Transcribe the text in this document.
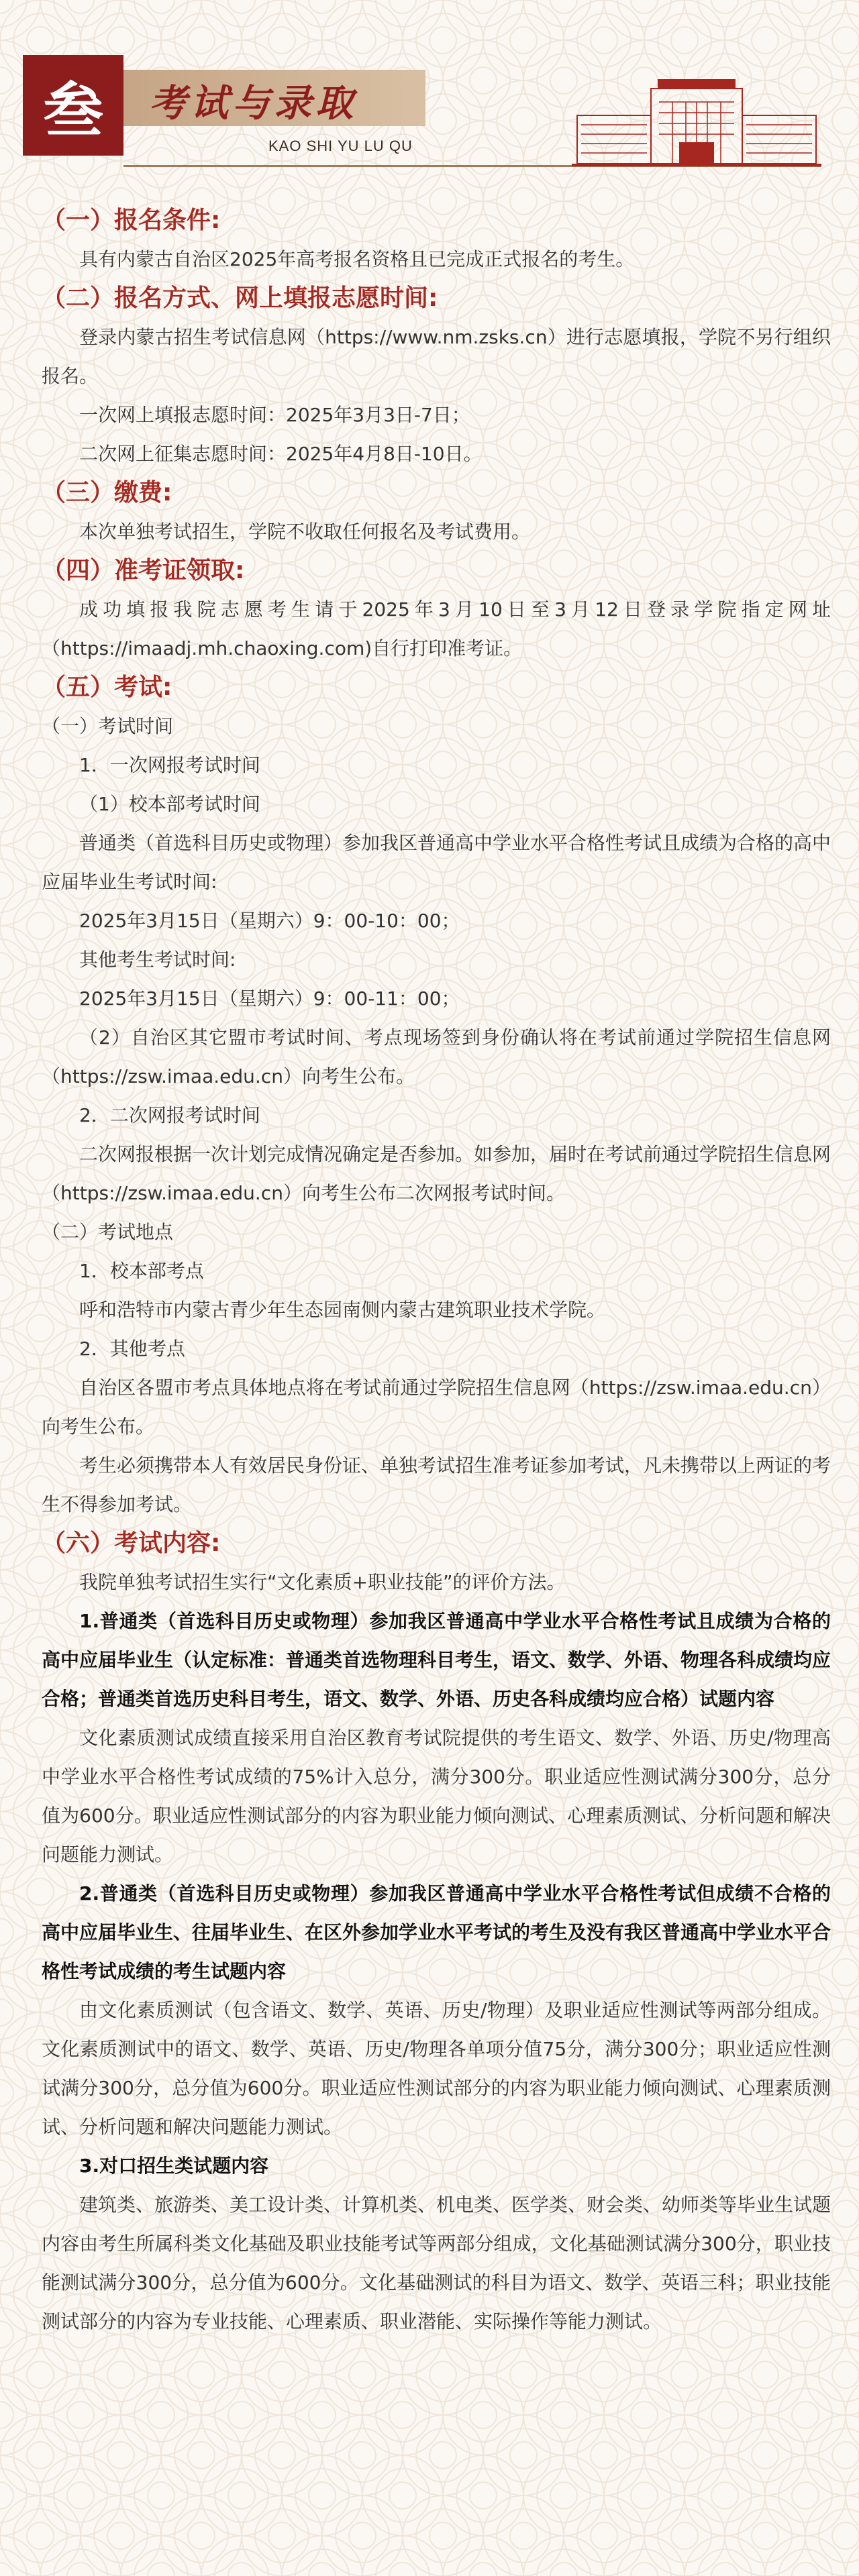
叁	考试与录取
KAO SHI YU LU QU

（一）报名条件:

具有内蒙古自治区2025年高考报名资格且已完成正式报名的考生。

（二）报名方式、网上填报志愿时间:

登录内蒙古招生考试信息网（https://www.nm.zsks.cn）进行志愿填报，学院不另行组织报名。

一次网上填报志愿时间：2025年3月3日-7日；

二次网上征集志愿时间：2025年4月8日-10日。

（三）缴费:

本次单独考试招生，学院不收取任何报名及考试费用。

（四）准考证领取:

成功填报我院志愿考生请于2025年3月10日至3月12日登录学院指定网址（https://imaadj.mh.chaoxing.com)自行打印准考证。

（五）考试:

（一）考试时间

1．一次网报考试时间

（1）校本部考试时间

普通类（首选科目历史或物理）参加我区普通高中学业水平合格性考试且成绩为合格的高中应届毕业生考试时间:

2025年3月15日（星期六）9：00-10：00；

其他考生考试时间:

2025年3月15日（星期六）9：00-11：00；

（2）自治区其它盟市考试时间、考点现场签到身份确认将在考试前通过学院招生信息网（https://zsw.imaa.edu.cn）向考生公布。

2．二次网报考试时间

二次网报根据一次计划完成情况确定是否参加。如参加，届时在考试前通过学院招生信息网（https://zsw.imaa.edu.cn）向考生公布二次网报考试时间。

（二）考试地点

1．校本部考点

呼和浩特市内蒙古青少年生态园南侧内蒙古建筑职业技术学院。

2．其他考点

自治区各盟市考点具体地点将在考试前通过学院招生信息网（https://zsw.imaa.edu.cn）向考生公布。

考生必须携带本人有效居民身份证、单独考试招生准考证参加考试，凡未携带以上两证的考生不得参加考试。

（六）考试内容:

我院单独考试招生实行“文化素质+职业技能”的评价方法。

1.普通类（首选科目历史或物理）参加我区普通高中学业水平合格性考试且成绩为合格的高中应届毕业生（认定标准：普通类首选物理科目考生，语文、数学、外语、物理各科成绩均应合格；普通类首选历史科目考生，语文、数学、外语、历史各科成绩均应合格）试题内容

文化素质测试成绩直接采用自治区教育考试院提供的考生语文、数学、外语、历史/物理高中学业水平合格性考试成绩的75%计入总分，满分300分。职业适应性测试满分300分，总分值为600分。职业适应性测试部分的内容为职业能力倾向测试、心理素质测试、分析问题和解决问题能力测试。

2.普通类（首选科目历史或物理）参加我区普通高中学业水平合格性考试但成绩不合格的高中应届毕业生、往届毕业生、在区外参加学业水平考试的考生及没有我区普通高中学业水平合格性考试成绩的考生试题内容

由文化素质测试（包含语文、数学、英语、历史/物理）及职业适应性测试等两部分组成。文化素质测试中的语文、数学、英语、历史/物理各单项分值75分，满分300分；职业适应性测试满分300分，总分值为600分。职业适应性测试部分的内容为职业能力倾向测试、心理素质测试、分析问题和解决问题能力测试。

3.对口招生类试题内容

建筑类、旅游类、美工设计类、计算机类、机电类、医学类、财会类、幼师类等毕业生试题内容由考生所属科类文化基础及职业技能考试等两部分组成，文化基础测试满分300分，职业技能测试满分300分，总分值为600分。文化基础测试的科目为语文、数学、英语三科；职业技能测试部分的内容为专业技能、心理素质、职业潜能、实际操作等能力测试。
